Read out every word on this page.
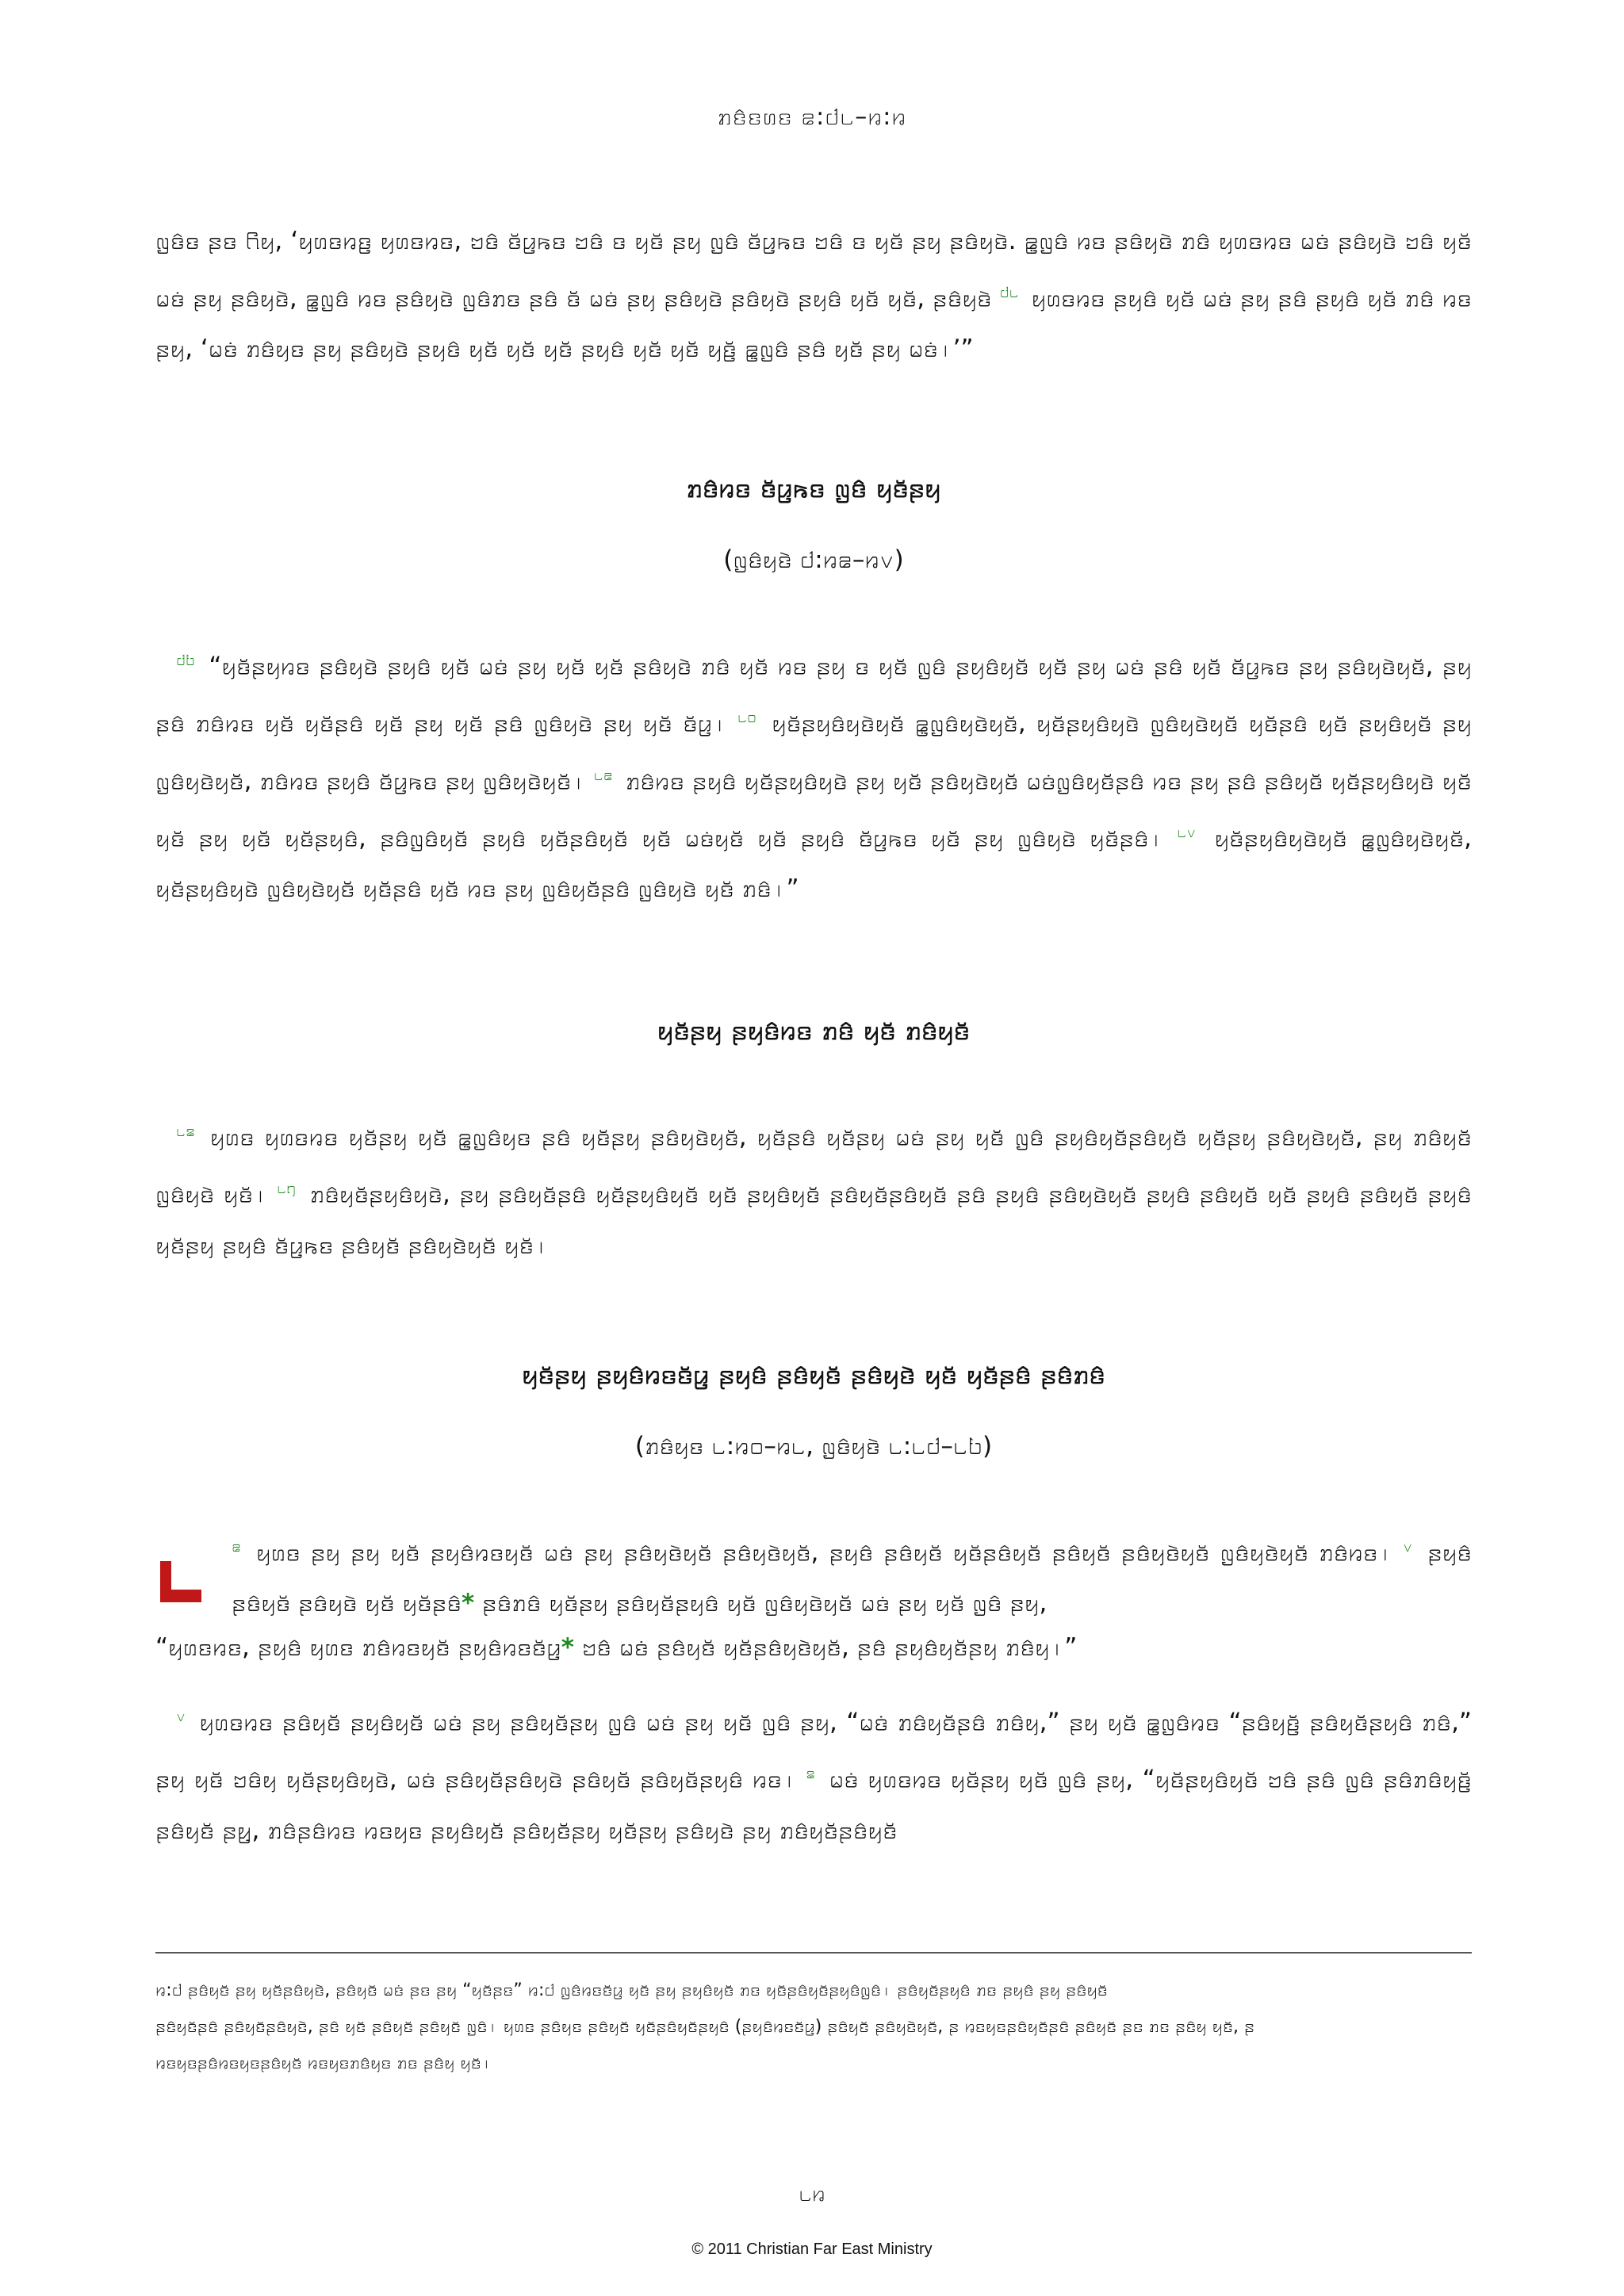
ꤊꤢꤨꤢꤛꤢ ꤁:꤇꤈–꤆:꤆
ꤜꤢꤨꤢ ꤔꤢ ꤖꤟ, ‘ꤟꤛꤢꤙꤢ꤬ ꤟꤛꤢꤙꤢ, ꤠꤢꤨ ꤢꤩꤣ꤬ꤒꤢ ꤠꤢꤨ ꤢ ꤟꤢꤩ ꤔꤟ ꤜꤢꤨ ꤢꤩꤣ꤬ꤒꤢ ꤠꤢꤨ ꤢ ꤟꤢꤩ ꤔꤟ ꤔꤢꤨꤟꤢꤧ. ꤁꤭ꤜꤢꤨ ꤙꤢ ꤔꤢꤨꤟꤢꤧ ꤊꤢꤨ ꤟꤛꤢꤙꤢ ꤗꤢꤦ ꤔꤢꤨꤟꤢꤧ ꤠꤢꤨ ꤟꤢꤩ ꤗꤢꤦ ꤔꤟ ꤔꤢꤨꤟꤢꤧ, ꤁꤭ꤜꤢꤨ ꤙꤢ ꤔꤢꤨꤟꤢꤧ ꤜꤢꤨꤊꤢ ꤔꤢꤨ ꤢꤩ ꤗꤢꤦ ꤔꤟ ꤔꤢꤨꤟꤢꤧ ꤔꤢꤨꤟꤢꤧ ꤔꤟꤢꤨ ꤟꤢꤩ ꤟꤢꤩ, ꤔꤢꤨꤟꤢꤧ $^{꤇꤈}$ ꤟꤛꤢꤙꤢ ꤔꤟꤢꤨ ꤟꤢꤩ ꤗꤢꤦ ꤔꤟ ꤔꤢꤨ ꤔꤟꤢꤨ ꤟꤢꤩ ꤊꤢꤨ ꤙꤢ ꤔꤟ, ‘ꤗꤢꤦ ꤊꤢꤨꤟꤢ ꤔꤟ ꤔꤢꤨꤟꤢꤧ ꤔꤟꤢꤨ ꤟꤢꤩ ꤟꤢꤩ ꤟꤢꤩ ꤔꤟꤢꤨ ꤟꤢꤩ ꤟꤢꤩ ꤟꤢꤩ꤬ ꤁꤭ꤜꤢꤨ ꤔꤢꤨ ꤟꤢꤩ ꤔꤟ ꤗꤢꤦ꤯’”
ꤊꤢꤨꤙꤢ ꤢꤩꤣ꤬ꤒꤢ ꤜꤢꤨ ꤟꤢꤩꤔꤟ
(ꤜꤢꤨꤟꤢꤧ ꤇:꤆꤁–꤆꤂)
$^{꤇꤉}$ “ꤟꤢꤩꤔꤟꤙꤢ ꤔꤢꤨꤟꤢꤧ ꤔꤟꤢꤨ ꤟꤢꤩ ꤗꤢꤦ ꤔꤟ ꤟꤢꤩ ꤟꤢꤩ ꤔꤢꤨꤟꤢꤧ ꤊꤢꤨ ꤟꤢꤩ ꤙꤢ ꤔꤟ ꤢ ꤟꤢꤩ ꤜꤢꤨ ꤔꤟꤢꤨꤟꤢꤩ ꤟꤢꤩ ꤔꤟ ꤗꤢꤦ ꤔꤢꤨ ꤟꤢꤩ ꤢꤩꤣ꤬ꤒꤢ ꤔꤟ ꤔꤢꤨꤟꤢꤧꤟꤢꤩ, ꤔꤟ ꤔꤢꤨ ꤊꤢꤨꤙꤢ ꤟꤢꤩ ꤟꤢꤩꤔꤢꤨ ꤟꤢꤩ ꤔꤟ ꤟꤢꤩ ꤔꤢꤨ ꤜꤢꤨꤟꤢꤧ ꤔꤟ ꤟꤢꤩ ꤢꤩꤣ꤬꤯ $^{꤈꤀}$ ꤟꤢꤩꤔꤟꤢꤨꤟꤢꤧꤟꤢꤩ ꤁꤭ꤜꤢꤨꤟꤢꤧꤟꤢꤩ, ꤟꤢꤩꤔꤟꤢꤨꤟꤢꤧ ꤜꤢꤨꤟꤢꤧꤟꤢꤩ ꤟꤢꤩꤔꤢꤨ ꤟꤢꤩ ꤔꤟꤢꤨꤟꤢꤩ ꤔꤟ ꤜꤢꤨꤟꤢꤧꤟꤢꤩ, ꤊꤢꤨꤙꤢ ꤔꤟꤢꤨ ꤢꤩꤣ꤬ꤒꤢ ꤔꤟ ꤜꤢꤨꤟꤢꤧꤟꤢꤩ꤯ $^{꤈꤁}$ ꤊꤢꤨꤙꤢ ꤔꤟꤢꤨ ꤟꤢꤩꤔꤟꤢꤨꤟꤢꤧ ꤔꤟ ꤟꤢꤩ ꤔꤢꤨꤟꤢꤧꤟꤢꤩ ꤗꤢꤦꤜꤢꤨꤟꤢꤩꤔꤢꤨ ꤙꤢ ꤔꤟ ꤔꤢꤨ ꤔꤢꤨꤟꤢꤩ ꤟꤢꤩꤔꤟꤢꤨꤟꤢꤧ ꤟꤢꤩ ꤟꤢꤩ ꤔꤟ ꤟꤢꤩ ꤟꤢꤩꤔꤟꤢꤨ, ꤔꤢꤨꤜꤢꤨꤟꤢꤩ ꤔꤟꤢꤨ ꤟꤢꤩꤔꤢꤨꤟꤢꤩ ꤟꤢꤩ ꤗꤢꤦꤟꤢꤩ ꤟꤢꤩ ꤔꤟꤢꤨ ꤢꤩꤣ꤬ꤒꤢ ꤟꤢꤩ ꤔꤟ ꤜꤢꤨꤟꤢꤧ ꤟꤢꤩꤔꤢꤨ꤯ $^{꤈꤂}$ ꤟꤢꤩꤔꤟꤢꤨꤟꤢꤧꤟꤢꤩ ꤁꤭ꤜꤢꤨꤟꤢꤧꤟꤢꤩ, ꤟꤢꤩꤔꤟꤢꤨꤟꤢꤧ ꤜꤢꤨꤟꤢꤧꤟꤢꤩ ꤟꤢꤩꤔꤢꤨ ꤟꤢꤩ ꤙꤢ ꤔꤟ ꤜꤢꤨꤟꤢꤩꤔꤢꤨ ꤜꤢꤨꤟꤢꤧ ꤟꤢꤩ ꤊꤢꤨ꤯”
ꤟꤢꤩꤔꤟ ꤔꤟꤢꤨꤙꤢ ꤊꤢꤨ ꤟꤢꤩ ꤊꤢꤨꤟꤢꤩ
$^{꤈꤃}$ ꤟꤛꤢ ꤟꤛꤢꤙꤢ ꤟꤢꤩꤔꤟ ꤟꤢꤩ ꤁꤭ꤜꤢꤨꤟꤢ ꤔꤢꤨ ꤟꤢꤩꤔꤟ ꤔꤢꤨꤟꤢꤧꤟꤢꤩ, ꤟꤢꤩꤔꤢꤨ ꤟꤢꤩꤔꤟ ꤗꤢꤦ ꤔꤟ ꤟꤢꤩ ꤜꤢꤨ ꤔꤟꤢꤨꤟꤢꤩꤔꤢꤨꤟꤢꤩ ꤟꤢꤩꤔꤟ ꤔꤢꤨꤟꤢꤧꤟꤢꤩ, ꤔꤟ ꤊꤢꤨꤟꤢꤩ ꤜꤢꤨꤟꤢꤧ ꤟꤢꤩ꤯ $^{꤈꤄}$ ꤊꤢꤨꤟꤢꤩꤔꤟꤢꤨꤟꤢꤧ, ꤔꤟ ꤔꤢꤨꤟꤢꤩꤔꤢꤨ ꤟꤢꤩꤔꤟꤢꤨꤟꤢꤩ ꤟꤢꤩ ꤔꤟꤢꤨꤟꤢꤩ ꤔꤢꤨꤟꤢꤩꤔꤢꤨꤟꤢꤩ ꤔꤢꤨ ꤔꤟꤢꤨ ꤔꤢꤨꤟꤢꤧꤟꤢꤩ ꤔꤟꤢꤨ ꤔꤢꤨꤟꤢꤩ ꤟꤢꤩ ꤔꤟꤢꤨ ꤔꤢꤨꤟꤢꤩ ꤔꤟꤢꤨ ꤟꤢꤩꤔꤟ ꤔꤟꤢꤨ ꤢꤩꤣ꤬ꤒꤢ ꤔꤢꤨꤟꤢꤩ ꤔꤢꤨꤟꤢꤧꤟꤢꤩ ꤟꤢꤩ꤯
ꤟꤢꤩꤔꤟ ꤔꤟꤢꤨꤙꤢꤢꤩꤣ꤬ ꤔꤟꤢꤨ ꤔꤢꤨꤟꤢꤩ ꤔꤢꤨꤟꤢꤧ ꤟꤢꤩ ꤟꤢꤩꤔꤢꤨ ꤔꤢꤨꤊꤢꤨ
(ꤊꤢꤨꤟꤢ ꤈:꤆꤀–꤆꤈, ꤜꤢꤨꤟꤢꤧ ꤈:꤈꤇–꤈꤉)
$^꤁$ ꤟꤛꤢ ꤔꤟ ꤔꤟ ꤟꤢꤩ ꤔꤟꤢꤨꤙꤢꤟꤢꤩ ꤗꤢꤦ ꤔꤟ ꤔꤢꤨꤟꤢꤧꤟꤢꤩ ꤔꤢꤨꤟꤢꤧꤟꤢꤩ, ꤔꤟꤢꤨ ꤔꤢꤨꤟꤢꤩ ꤟꤢꤩꤔꤢꤨꤟꤢꤩ ꤔꤢꤨꤟꤢꤩ ꤔꤢꤨꤟꤢꤧꤟꤢꤩ ꤜꤢꤨꤟꤢꤧꤟꤢꤩ ꤊꤢꤨꤙꤢ꤯ $^꤂$ ꤔꤟꤢꤨ ꤔꤢꤨꤟꤢꤩ ꤔꤢꤨꤟꤢꤧ ꤟꤢꤩ ꤟꤢꤩꤔꤢꤨ* ꤔꤢꤨꤊꤢꤨ ꤟꤢꤩꤔꤟ ꤔꤢꤨꤟꤢꤩꤔꤟꤢꤨ ꤟꤢꤩ ꤜꤢꤨꤟꤢꤧꤟꤢꤩ ꤗꤢꤦ ꤔꤟ ꤟꤢꤩ ꤜꤢꤨ ꤔꤟ,
“ꤟꤛꤢꤙꤢ, ꤔꤟꤢꤨ ꤟꤛꤢ ꤊꤢꤨꤙꤢꤟꤢꤩ ꤔꤟꤢꤨꤙꤢꤢꤩꤣ꤬* ꤠꤢꤨ ꤗꤢꤦ ꤔꤢꤨꤟꤢꤩ ꤟꤢꤩꤔꤢꤨꤟꤢꤧꤟꤢꤩ, ꤔꤢꤨ ꤔꤟꤢꤨꤟꤢꤩꤔꤟ ꤊꤢꤨꤟ꤯”
$^꤂$ ꤟꤛꤢꤙꤢ ꤔꤢꤨꤟꤢꤩ ꤔꤟꤢꤨꤟꤢꤩ ꤗꤢꤦ ꤔꤟ ꤔꤢꤨꤟꤢꤩꤔꤟ ꤜꤢꤨ ꤗꤢꤦ ꤔꤟ ꤟꤢꤩ ꤜꤢꤨ ꤔꤟ, “ꤗꤢꤦ ꤊꤢꤨꤟꤢꤩꤔꤢꤨ ꤊꤢꤨꤟ,” ꤔꤟ ꤟꤢꤩ ꤁꤭ꤜꤢꤨꤙꤢ “ꤔꤢꤨꤟꤢꤩ꤬ ꤔꤢꤨꤟꤢꤩꤔꤟꤢꤨ ꤊꤢꤨ,” ꤔꤟ ꤟꤢꤩ ꤠꤢꤨꤟ ꤟꤢꤩꤔꤟꤢꤨꤟꤢꤧ, ꤗꤢꤦ ꤔꤢꤨꤟꤢꤩꤔꤢꤨꤟꤢꤧ ꤔꤢꤨꤟꤢꤩ ꤔꤢꤨꤟꤢꤩꤔꤟꤢꤨ ꤙꤢ꤯ $^꤃$ ꤗꤢꤦ ꤟꤛꤢꤙꤢ ꤟꤢꤩꤔꤟ ꤟꤢꤩ ꤜꤢꤨ ꤔꤟ, “ꤟꤢꤩꤔꤟꤢꤨꤟꤢꤩ ꤠꤢꤨ ꤔꤢꤨ ꤜꤢꤨ ꤔꤢꤨꤊꤢꤨꤟꤢꤩ꤬ ꤔꤢꤨꤟꤢꤩ ꤔꤟ꤬, ꤊꤢꤨꤔꤢꤨꤙꤢ ꤙꤢꤟꤢ ꤔꤟꤢꤨꤟꤢꤩ ꤔꤢꤨꤟꤢꤩꤔꤟ ꤟꤢꤩꤔꤟ ꤔꤢꤨꤟꤢꤧ ꤔꤟ ꤊꤢꤨꤟꤢꤩꤔꤢꤨꤟꤢꤩ
꤆:꤇ ꤔꤢꤨꤟꤢꤩ ꤔꤟ ꤟꤢꤩꤔꤢꤨꤟꤢꤧ, ꤔꤢꤨꤟꤢꤩ ꤗꤢꤦ ꤔꤢ ꤔꤟ “ꤟꤢꤩꤔꤢ” ꤆:꤇ ꤜꤢꤨꤙꤢꤢꤩꤣ꤬ ꤟꤢꤩ ꤔꤟ ꤔꤟꤢꤨꤟꤢꤩ ꤊꤢ ꤟꤢꤩꤔꤢꤨꤟꤢꤩꤔꤟꤢꤨꤜꤢꤨ꤯ ꤔꤢꤨꤟꤢꤩꤔꤟꤢꤨ ꤊꤢ ꤔꤟꤢꤨ ꤔꤟ ꤔꤢꤨꤟꤢꤩ
ꤔꤢꤨꤟꤢꤩꤔꤢꤨ ꤔꤢꤨꤟꤢꤩꤔꤢꤨꤟꤢꤧ, ꤔꤢꤨ ꤟꤢꤩ ꤔꤢꤨꤟꤢꤩ ꤔꤢꤨꤟꤢꤩ ꤜꤢꤨ꤯ ꤟꤛꤢ ꤔꤢꤨꤟꤢ ꤔꤢꤨꤟꤢꤩ ꤟꤢꤩꤔꤢꤨꤟꤢꤩꤔꤟꤢꤨ (ꤔꤟꤢꤨꤙꤢꤢꤩꤣ꤬) ꤔꤢꤨꤟꤢꤩ ꤔꤢꤨꤟꤢꤧꤟꤢꤩ, ꤔ ꤙꤢꤟꤢꤔꤢꤨꤟꤢꤩꤔꤢꤨ ꤔꤢꤨꤟꤢꤩ ꤔꤢ ꤊꤢ ꤔꤢꤨꤟ ꤟꤢꤩ, ꤔ
ꤙꤢꤟꤢꤔꤢꤨꤙꤢꤟꤢꤔꤢꤨꤟꤢꤩ ꤙꤢꤟꤢꤊꤢꤨꤟꤢ ꤊꤢ ꤔꤢꤨꤟ ꤟꤢꤩ꤯
꤈꤆
© 2011 Christian Far East Ministry
